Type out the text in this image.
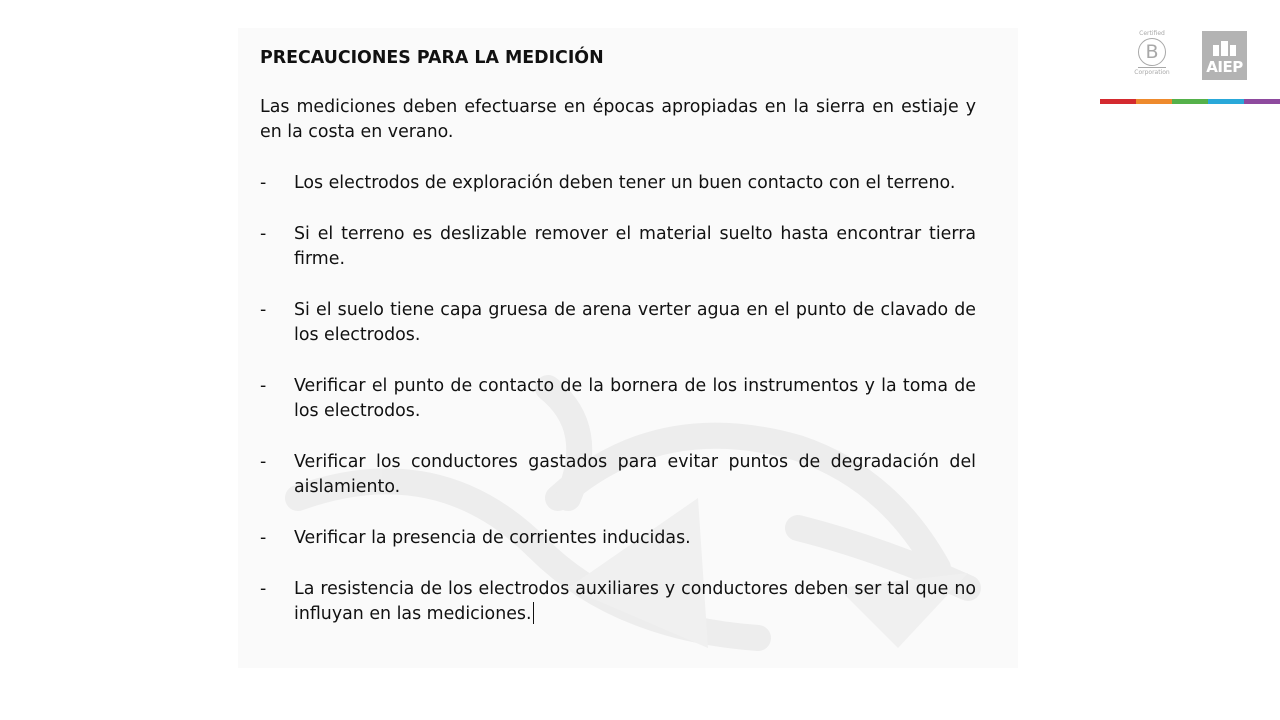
PRECAUCIONES PARA LA MEDICIÓN
Las mediciones deben efectuarse en épocas apropiadas en la sierra en estiaje y en la costa en verano.
-	Los electrodos de exploración deben tener un buen contacto con el terreno.
-	Si el terreno es deslizable remover el material suelto hasta encontrar tierra firme.
-	Si el suelo tiene capa gruesa de arena verter agua en el punto de clavado de los electrodos.
-	Verificar el punto de contacto de la bornera de los instrumentos y la toma de los electrodos.
-	Verificar los conductores gastados para evitar puntos de degradación del aislamiento.
-	Verificar la presencia de corrientes inducidas.
-	La resistencia de los electrodos auxiliares y conductores deben ser tal que no influyan en las mediciones.
Certified
B
Corporation AIEP
